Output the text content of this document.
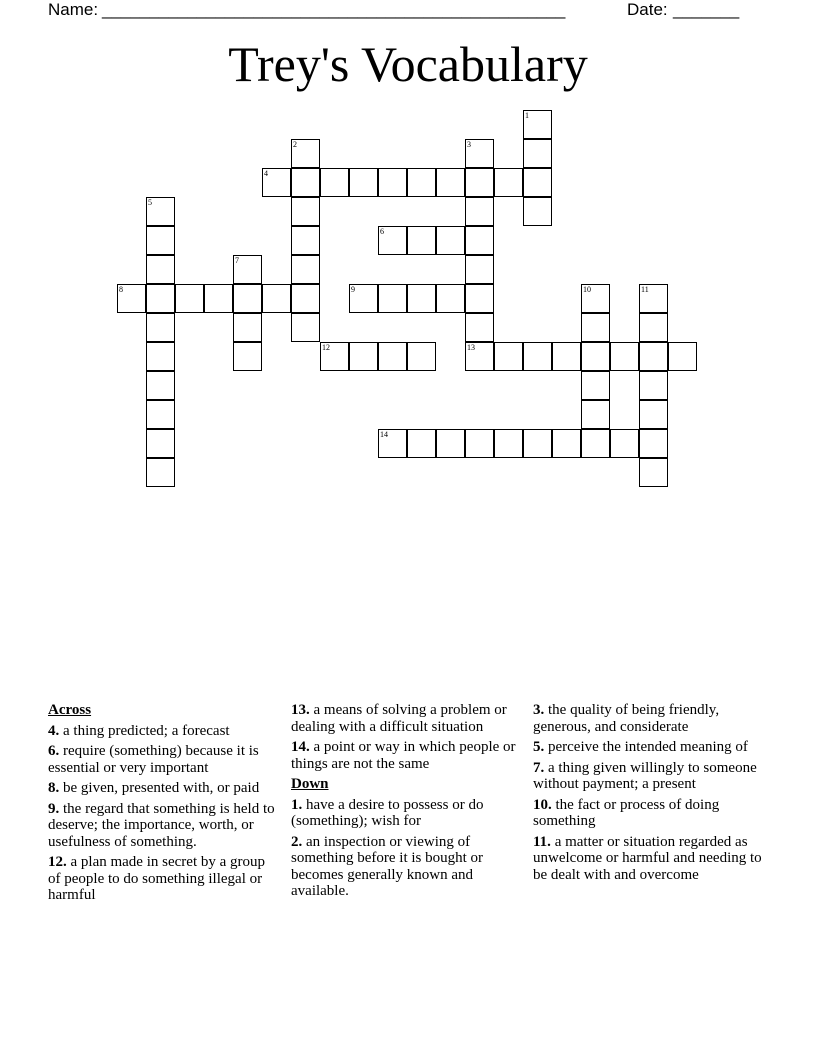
Name: _________________________________________________	Date: _______
Trey's Vocabulary
1
2	3
13
4
5
6
7
8	9	10	11
12
14
Across
4. a thing predicted; a forecast
6. require (something) because it is essential or very important
8. be given, presented with, or paid
9. the regard that something is held to deserve; the importance, worth, or usefulness of something.
12. a plan made in secret by a group of people to do something illegal or harmful
13. a means of solving a problem or dealing with a difficult situation
14. a point or way in which people or things are not the same
Down
1. have a desire to possess or do (something); wish for
2. an inspection or viewing of something before it is bought or becomes generally known and available.
3. the quality of being friendly, generous, and considerate
5. perceive the intended meaning of
7. a thing given willingly to someone without payment; a present
10. the fact or process of doing something
11. a matter or situation regarded as unwelcome or harmful and needing to be dealt with and overcome
